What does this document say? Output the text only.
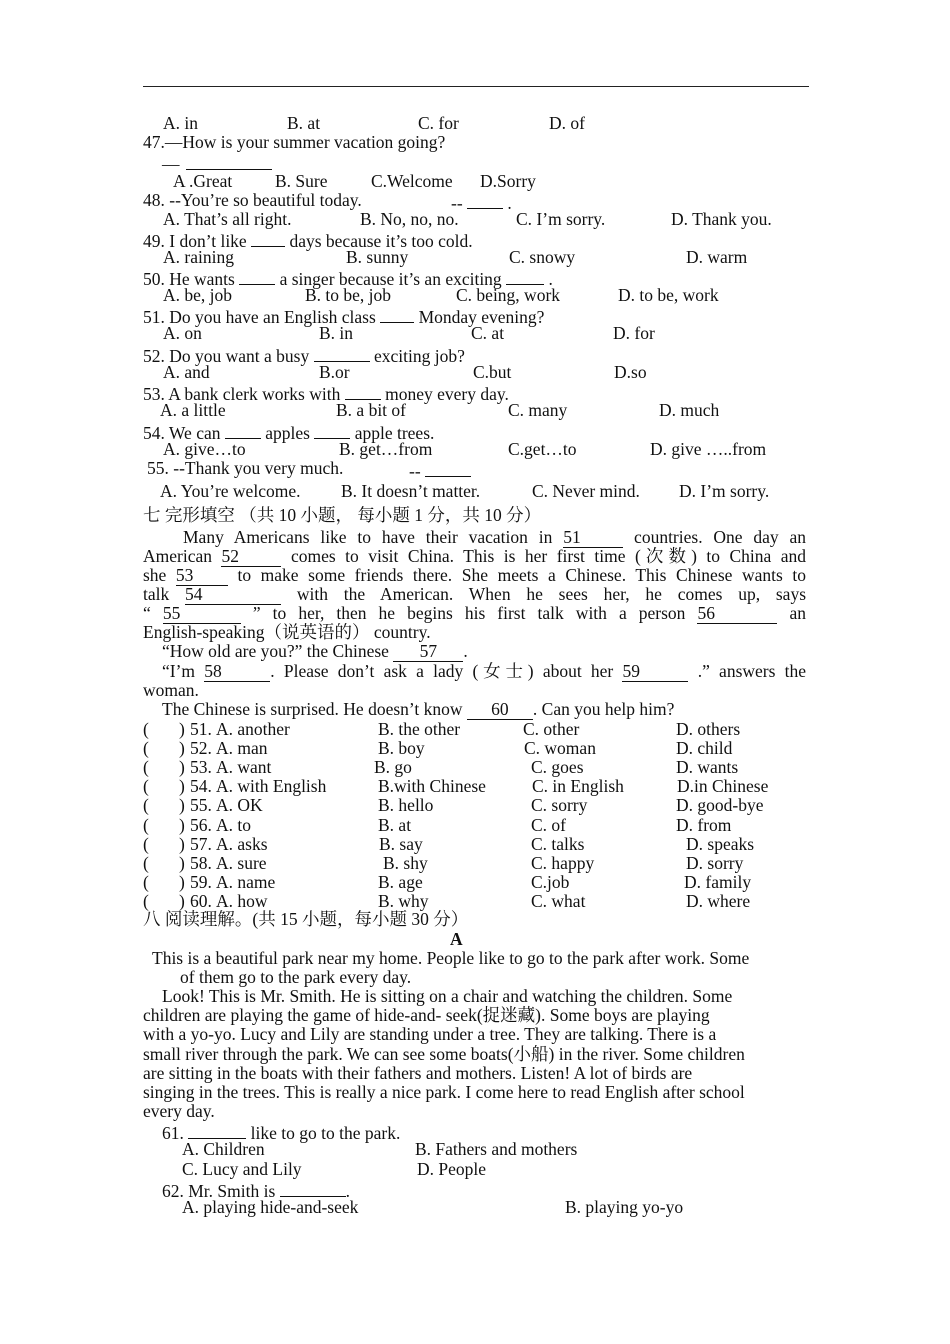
A. in	B. at	C. for	D. of
47.—How is your summer vacation going?
—
A .Great B. Sure C.Welcome D.Sorry
48. --You’re so beautiful today.	--	.
A. That’s all right.	B. No, no, no.	C. I’m sorry.	D. Thank you.
49. I don’t like days because it’s too cold.
A. raining	B. sunny	C. snowy	D. warm
50. He wants	a singer because it’s an exciting	.
A. be, job	B. to be, job	C. being, work	D. to be, work
51. Do you have an English class Monday evening?
A. on	B. in	C. at	D. for
52. Do you want a busy	exciting job?
A. and	B.or	C.but	D.so
53. A bank clerk works with	money every day.
A. a little	B. a bit of	C. many	D. much
54. We can	apples	apple trees.
A. give…to	B. get…from	C.get…to	D. give …..from
55. --Thank you very much.	--
A. You’re welcome. B. It doesn’t matter.	C. Never mind. D. I’m sorry.
七 完形填空 （共 10 小题， 每小题 1 分，共 10 分）
Many Americans like to have their vacation in 51	countries. One day an
American 52	comes to visit China. This is her first time (次数) to China and
she 53	to make some friends there. She meets a Chinese. This Chinese wants to
talk 54	with the American. When he sees her, he comes up, says
“ 55	” to her, then he begins his first talk with a person 56	an
English-speaking（说英语的） country.
“How old are you?” the Chinese 57 .
“I’m 58	. Please don’t ask a lady (女士) about her 59	.” answers the
woman.
The Chinese is surprised. He doesn’t know 60 . Can you help him?
( ) 51. A. another	B. the other	C. other	D. others
( ) 52. A. man	B. boy	C. woman	D. child
( ) 53. A. want	B. go	C. goes	D. wants
( ) 54. A. with English	B.with Chinese	C. in English	D.in Chinese
( ) 55. A. OK	B. hello	C. sorry	D. good-bye
( ) 56. A. to	B. at	C. of	D. from
( ) 57. A. asks	B. say	C. talks	D. speaks
( ) 58. A. sure	B. shy	C. happy	D. sorry
( ) 59. A. name	B. age	C.job	D. family
( ) 60. A. how	B. why	C. what	D. where
八 阅读理解。(共 15 小题，每小题 30 分）
A
This is a beautiful park near my home. People like to go to the park after work. Some
of them go to the park every day.
Look! This is Mr. Smith. He is sitting on a chair and watching the children. Some
children are playing the game of hide-and- seek(捉迷藏). Some boys are playing
with a yo-yo. Lucy and Lily are standing under a tree. They are talking. There is a
small river through the park. We can see some boats(小船) in the river. Some children
are sitting in the boats with their fathers and mothers. Listen! A lot of birds are
singing in the trees. This is really a nice park. I come here to read English after school
every day.
61.	like to go to the park.
A. Children	B. Fathers and mothers
C. Lucy and Lily	D. People
62. Mr. Smith is	.
A. playing hide-and-seek	B. playing yo-yo
